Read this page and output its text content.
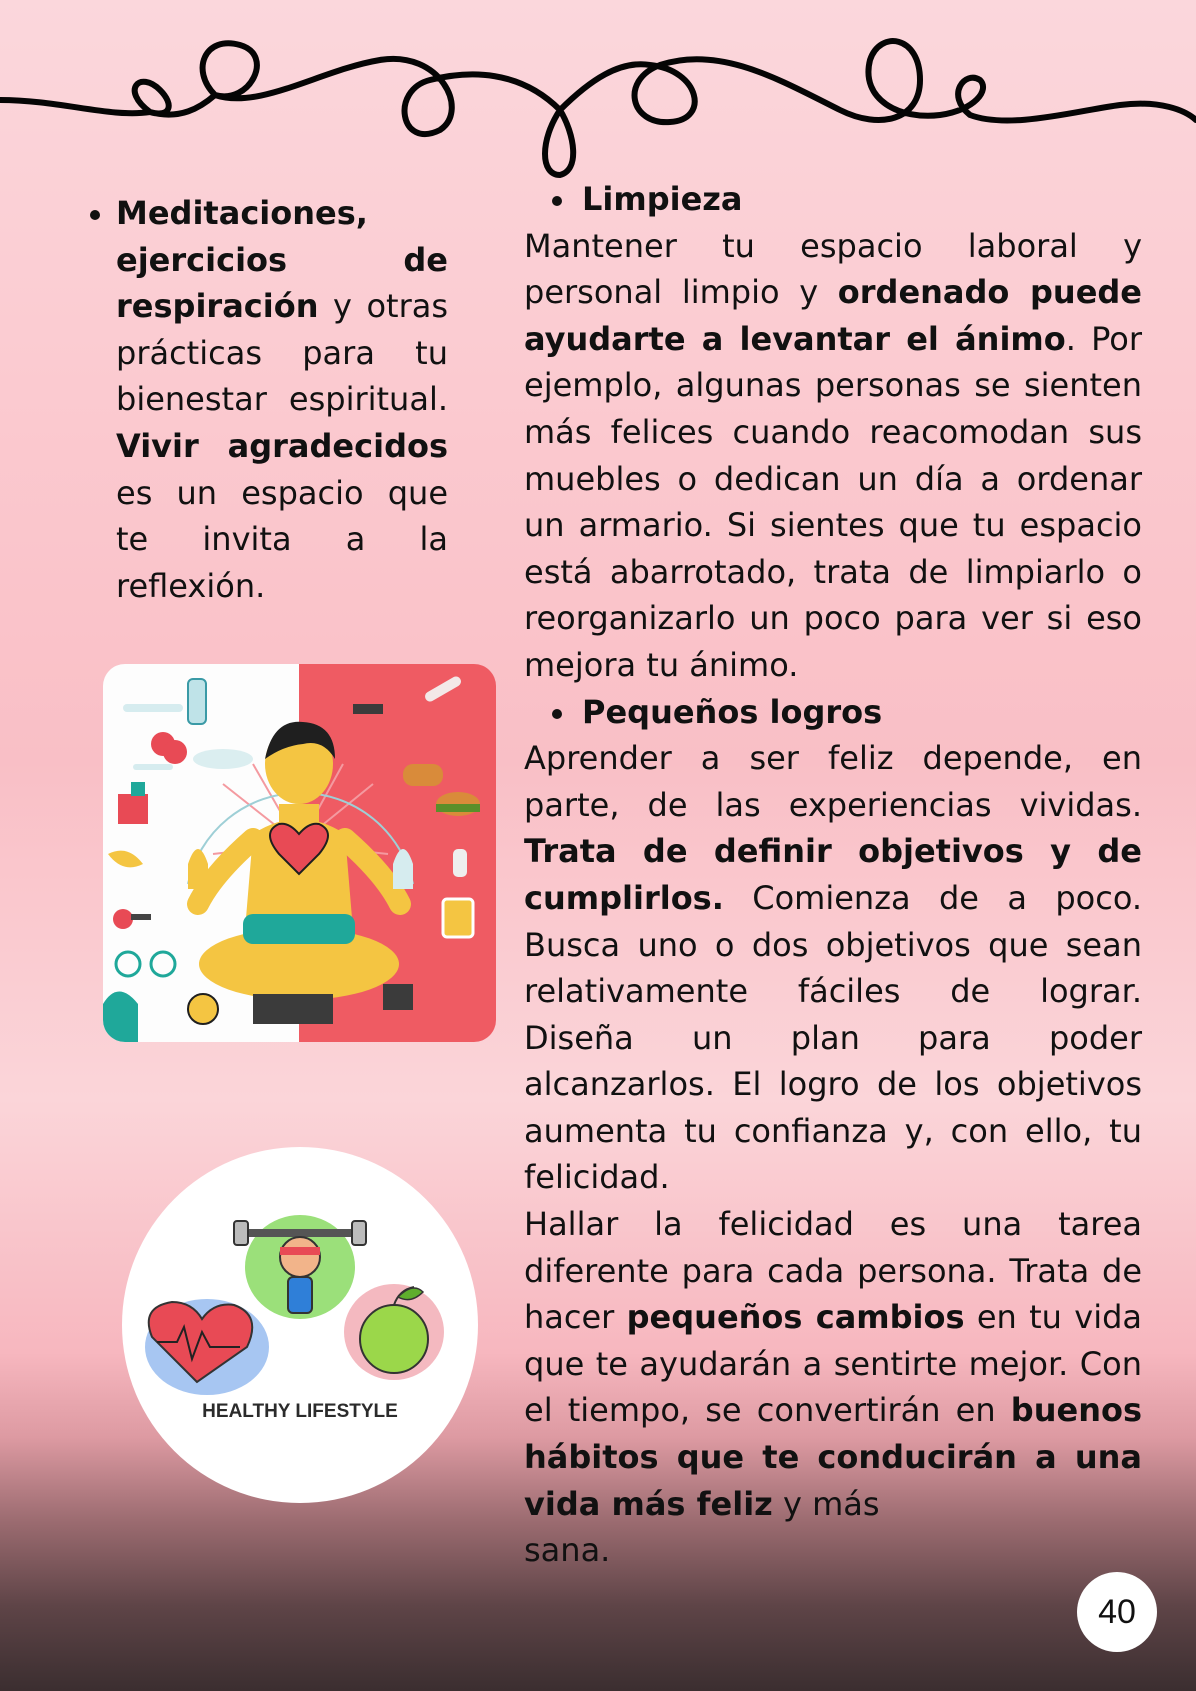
Meditaciones, ejercicios de respiración y otras prácticas para tu bienestar espiritual. Vivir agradecidos es un espacio que te invita a la reflexión.
HEALTHY LIFESTYLE
Limpieza

Mantener tu espacio laboral y personal limpio y ordenado puede ayudarte a levantar el ánimo. Por ejemplo, algunas personas se sienten más felices cuando reacomodan sus muebles o dedican un día a ordenar un armario. Si sientes que tu espacio está abarrotado, trata de limpiarlo o reorganizarlo un poco para ver si eso mejora tu ánimo.

Pequeños logros

Aprender a ser feliz depende, en parte, de las experiencias vividas. Trata de definir objetivos y de cumplirlos. Comienza de a poco. Busca uno o dos objetivos que sean relativamente fáciles de lograr. Diseña un plan para poder alcanzarlos. El logro de los objetivos aumenta tu confianza y, con ello, tu felicidad.

Hallar la felicidad es una tarea diferente para cada persona. Trata de hacer pequeños cambios en tu vida que te ayudarán a sentirte mejor. Con el tiempo, se convertirán en buenos hábitos que te conducirán a una vida más feliz y más

sana.

40
